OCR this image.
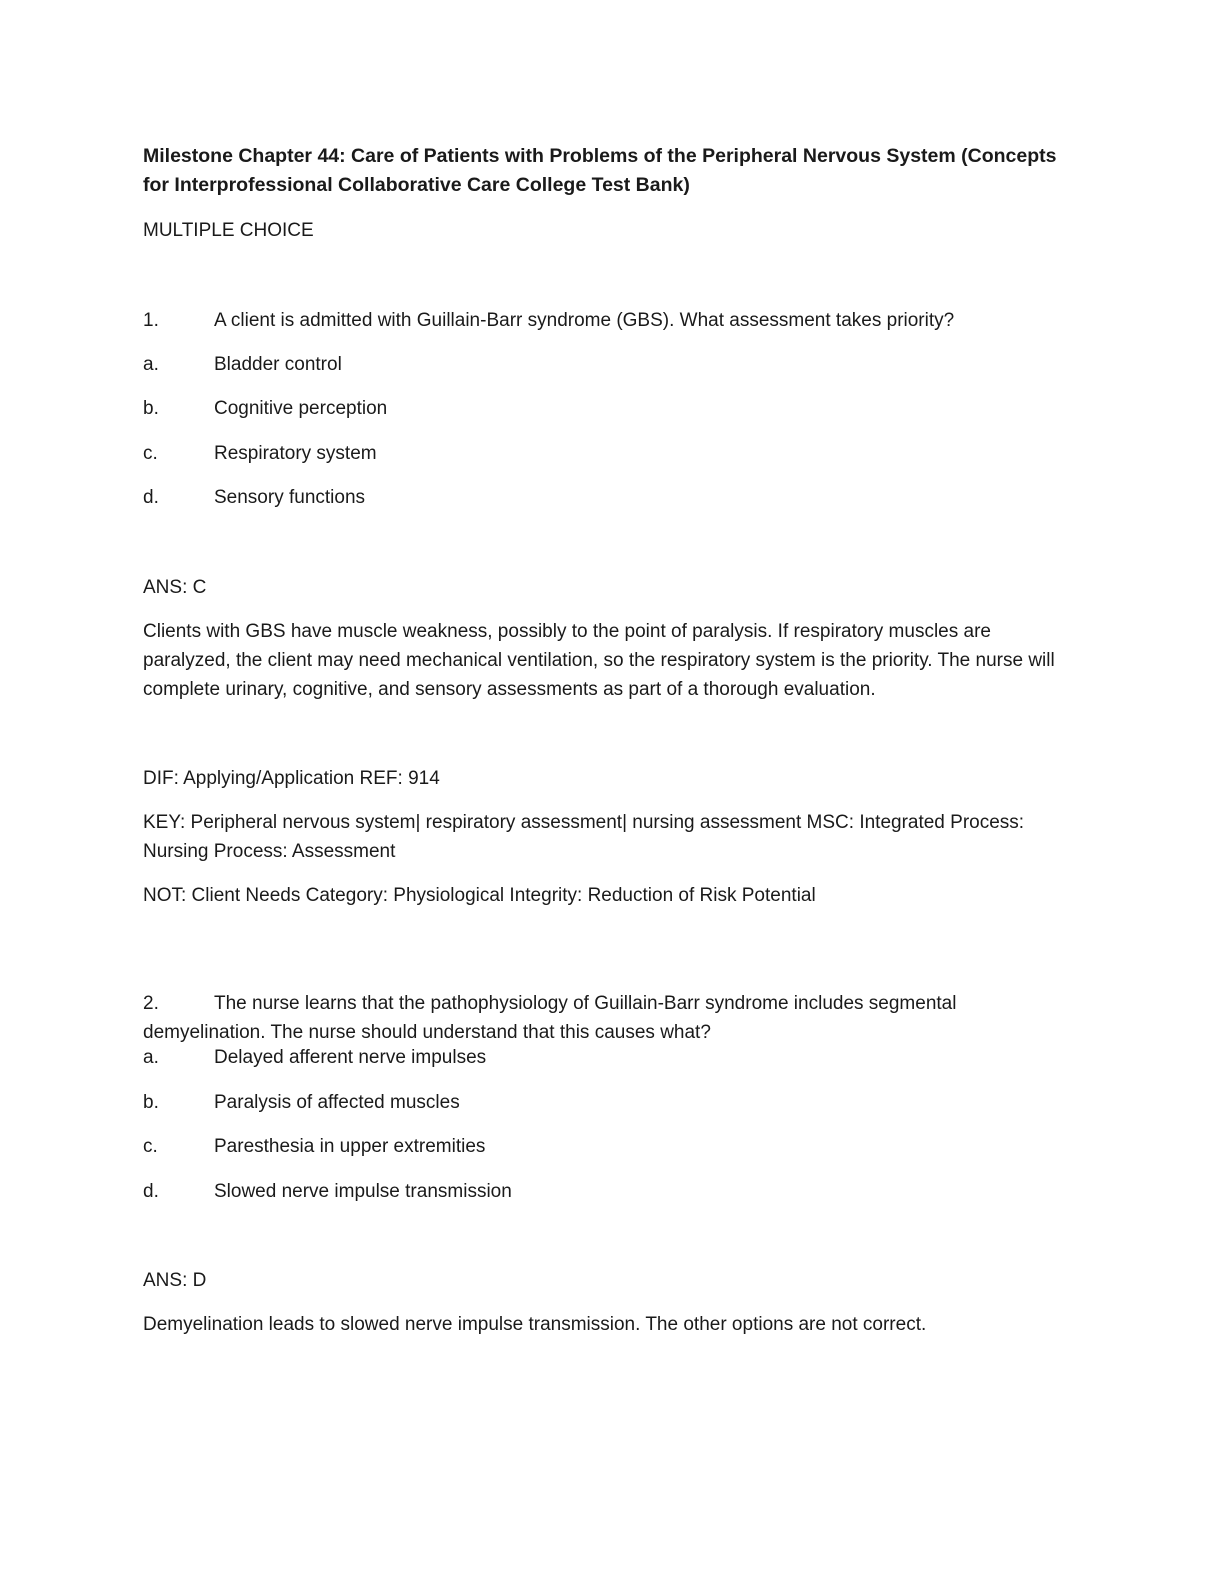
Milestone Chapter 44: Care of Patients with Problems of the Peripheral Nervous System (Concepts for Interprofessional Collaborative Care College Test Bank)

MULTIPLE CHOICE

1.	A client is admitted with Guillain-Barr syndrome (GBS). What assessment takes priority?
a.	Bladder control
b.	Cognitive perception
c.	Respiratory system
d.	Sensory functions

ANS: C

Clients with GBS have muscle weakness, possibly to the point of paralysis. If respiratory muscles are paralyzed, the client may need mechanical ventilation, so the respiratory system is the priority. The nurse will complete urinary, cognitive, and sensory assessments as part of a thorough evaluation.

DIF: Applying/Application REF: 914

KEY: Peripheral nervous system| respiratory assessment| nursing assessment MSC: Integrated Process: Nursing Process: Assessment

NOT: Client Needs Category: Physiological Integrity: Reduction of Risk Potential

2.	The nurse learns that the pathophysiology of Guillain-Barr syndrome includes segmental demyelination. The nurse should understand that this causes what?

a.	Delayed afferent nerve impulses
b.	Paralysis of affected muscles
c.	Paresthesia in upper extremities
d.	Slowed nerve impulse transmission

ANS: D

Demyelination leads to slowed nerve impulse transmission. The other options are not correct.
